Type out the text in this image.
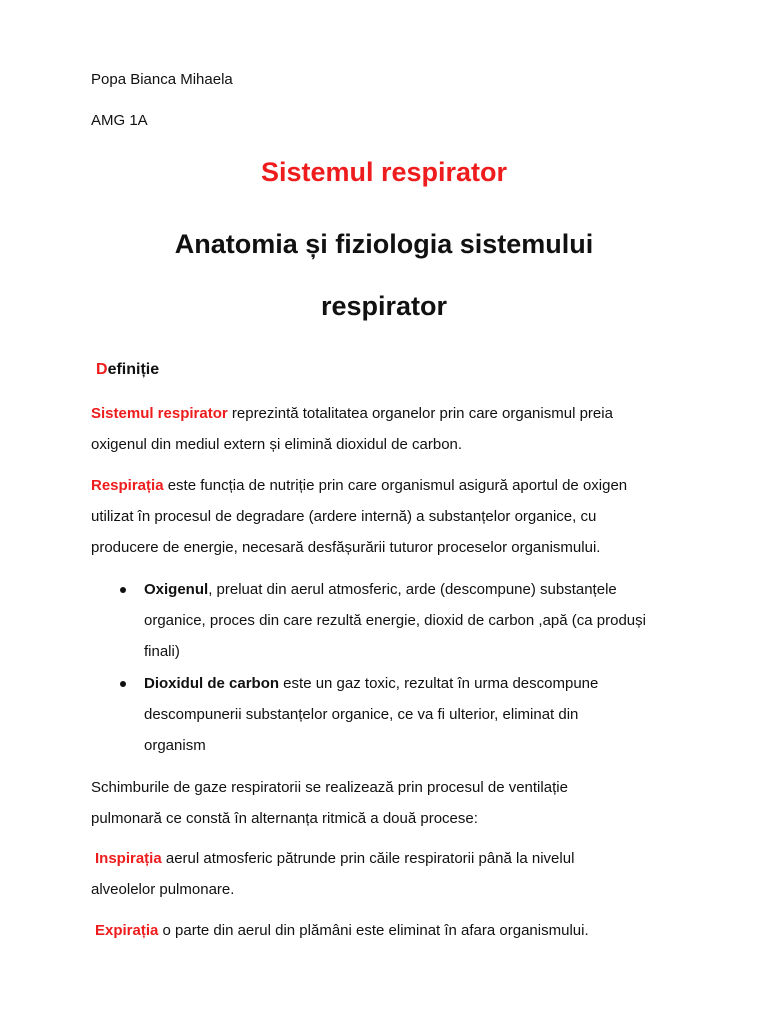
Popa Bianca Mihaela
AMG 1A
Sistemul respirator
Anatomia și fiziologia sistemului
respirator
Definiție
Sistemul respirator reprezintă totalitatea organelor prin care organismul preia
oxigenul din mediul extern și elimină dioxidul de carbon.
Respirația este funcția de nutriție prin care organismul asigură aportul de oxigen
utilizat în procesul de degradare (ardere internă) a substanțelor organice, cu
producere de energie, necesară desfășurării tuturor proceselor organismului.
Oxigenul, preluat din aerul atmosferic, arde (descompune) substanțele
organice, proces din care rezultă energie, dioxid de carbon ,apă (ca produși
finali)
Dioxidul de carbon este un gaz toxic, rezultat în urma descompune
descompunerii substanțelor organice, ce va fi ulterior, eliminat din
organism
Schimburile de gaze respiratorii se realizează prin procesul de ventilație
pulmonară ce constă în alternanța ritmică a două procese:
Inspirația aerul atmosferic pătrunde prin căile respiratorii până la nivelul
alveolelor pulmonare.
Expirația o parte din aerul din plămâni este eliminat în afara organismului.
